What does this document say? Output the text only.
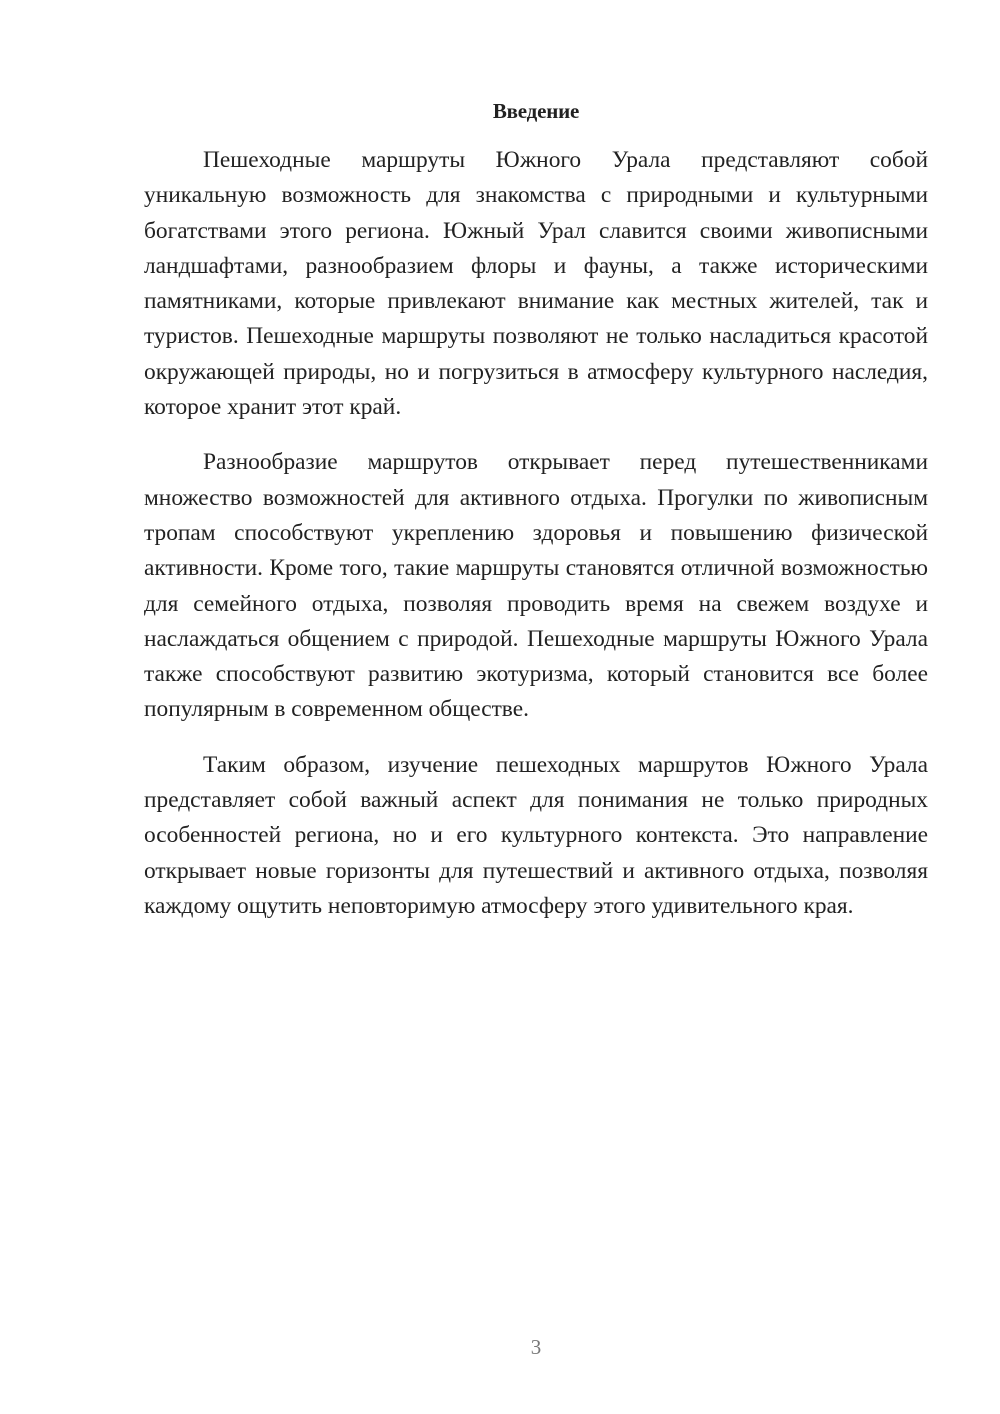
Введение

Пешеходные маршруты Южного Урала представляют собой уникальную возможность для знакомства с природными и культурными богатствами этого региона. Южный Урал славится своими живописными ландшафтами, разнообразием флоры и фауны, а также историческими памятниками, которые привлекают внимание как местных жителей, так и туристов. Пешеходные маршруты позволяют не только насладиться красотой окружающей природы, но и погрузиться в атмосферу культурного наследия, которое хранит этот край.

Разнообразие маршрутов открывает перед путешественниками множество возможностей для активного отдыха. Прогулки по живописным тропам способствуют укреплению здоровья и повышению физической активности. Кроме того, такие маршруты становятся отличной возможностью для семейного отдыха, позволяя проводить время на свежем воздухе и наслаждаться общением с природой. Пешеходные маршруты Южного Урала также способствуют развитию экотуризма, который становится все более популярным в современном обществе.

Таким образом, изучение пешеходных маршрутов Южного Урала представляет собой важный аспект для понимания не только природных особенностей региона, но и его культурного контекста. Это направление открывает новые горизонты для путешествий и активного отдыха, позволяя каждому ощутить неповторимую атмосферу этого удивительного края.

3
